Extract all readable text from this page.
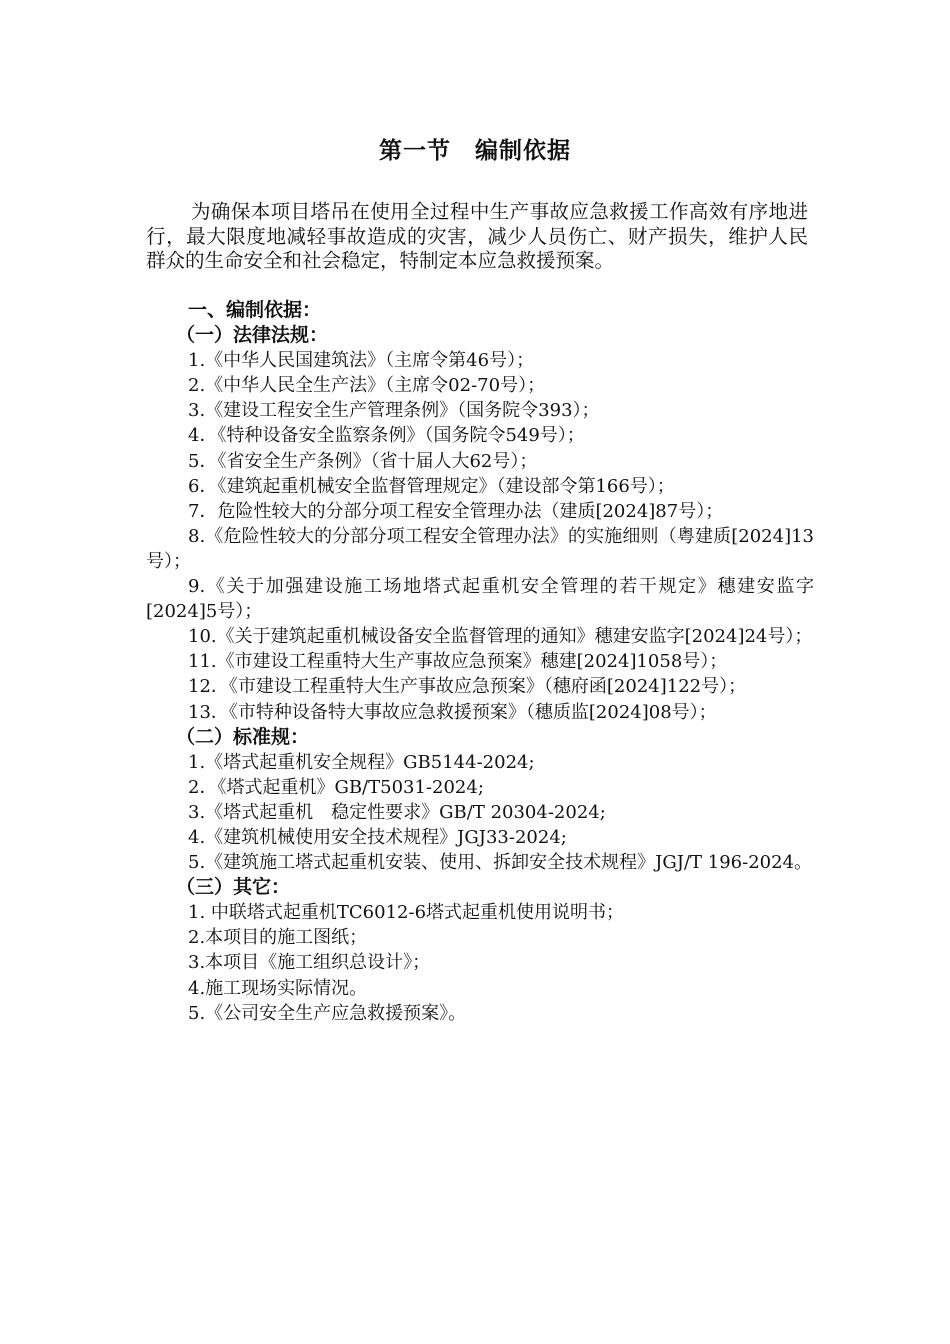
第一节　编制依据

为确保本项目塔吊在使用全过程中生产事故应急救援工作高效有序地进行，最大限度地减轻事故造成的灾害，减少人员伤亡、财产损失，维护人民群众的生命安全和社会稳定，特制定本应急救援预案。

一、编制依据：
（一）法律法规：
1.《中华人民国建筑法》（主席令第46号）；
2.《中华人民全生产法》（主席令02-70号）；
3.《建设工程安全生产管理条例》（国务院令393）；
4．《特种设备安全监察条例》（国务院令549号）；
5．《省安全生产条例》（省十届人大62号）；
6．《建筑起重机械安全监督管理规定》（建设部令第166号）；
7．危险性较大的分部分项工程安全管理办法（建质[2024]87号）；
8.《危险性较大的分部分项工程安全管理办法》的实施细则（粤建质[2024]13号）；
9.《关于加强建设施工场地塔式起重机安全管理的若干规定》穗建安监字[2024]5号）；
10.《关于建筑起重机械设备安全监督管理的通知》穗建安监字[2024]24号）；
11.《市建设工程重特大生产事故应急预案》穗建[2024]1058号）；
12．《市建设工程重特大生产事故应急预案》（穗府函[2024]122号）；
13．《市特种设备特大事故应急救援预案》（穗质监[2024]08号）；
（二）标准规：
1.《塔式起重机安全规程》GB5144-2024;
2．《塔式起重机》GB/T5031-2024;
3.《塔式起重机　稳定性要求》GB/T 20304-2024;
4.《建筑机械使用安全技术规程》JGJ33-2024;
5.《建筑施工塔式起重机安装、使用、拆卸安全技术规程》JGJ/T 196-2024。
（三）其它：
1. 中联塔式起重机TC6012-6塔式起重机使用说明书；
2.本项目的施工图纸；
3.本项目《施工组织总设计》；
4.施工现场实际情况。
5.《公司安全生产应急救援预案》。
